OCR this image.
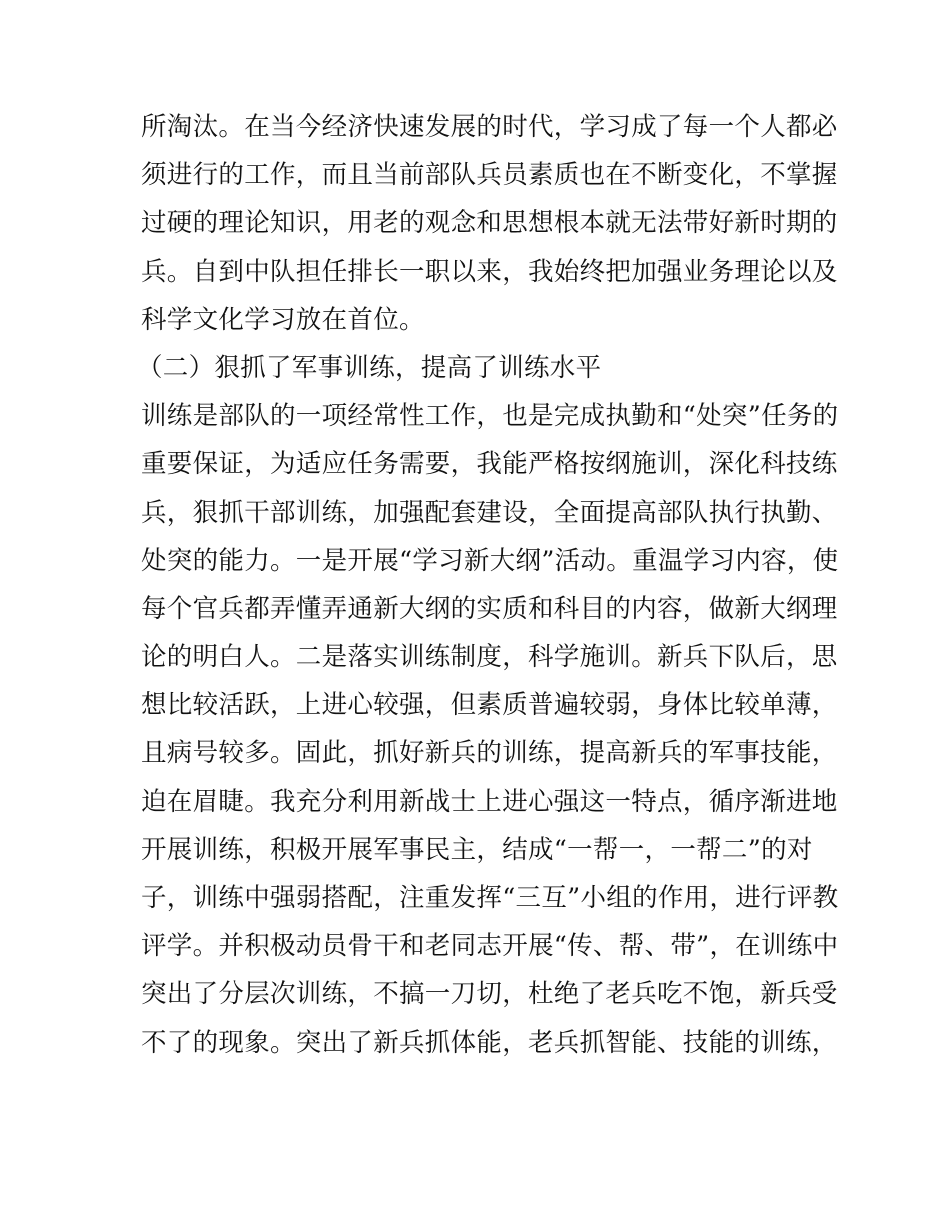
所淘汰。在当今经济快速发展的时代，学习成了每一个人都必
须进行的工作，而且当前部队兵员素质也在不断变化，不掌握
过硬的理论知识，用老的观念和思想根本就无法带好新时期的
兵。自到中队担任排长一职以来，我始终把加强业务理论以及
科学文化学习放在首位。
（二）狠抓了军事训练，提高了训练水平
训练是部队的一项经常性工作，也是完成执勤和“处突”任务的
重要保证，为适应任务需要，我能严格按纲施训，深化科技练
兵，狠抓干部训练，加强配套建设，全面提高部队执行执勤、
处突的能力。一是开展“学习新大纲”活动。重温学习内容，使
每个官兵都弄懂弄通新大纲的实质和科目的内容，做新大纲理
论的明白人。二是落实训练制度，科学施训。新兵下队后，思
想比较活跃，上进心较强，但素质普遍较弱，身体比较单薄，
且病号较多。固此，抓好新兵的训练，提高新兵的军事技能，
迫在眉睫。我充分利用新战士上进心强这一特点，循序渐进地
开展训练，积极开展军事民主，结成“一帮一，一帮二”的对
子，训练中强弱搭配，注重发挥“三互”小组的作用，进行评教
评学。并积极动员骨干和老同志开展“传、帮、带”，在训练中
突出了分层次训练，不搞一刀切，杜绝了老兵吃不饱，新兵受
不了的现象。突出了新兵抓体能，老兵抓智能、技能的训练，
